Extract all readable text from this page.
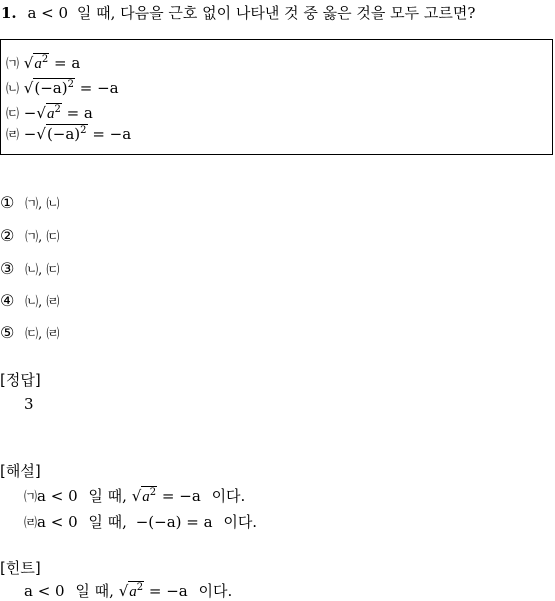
1. a < 0 일 때, 다음을 근호 없이 나타낸 것 중 옳은 것을 모두 고르면?
㈀ $√a^2 = a$
㈁ $√(-a)^2 = -a$
㈂ $-√a^2 = a$
㈃ $-√(-a)^2 = -a$
① ㈀, ㈁
② ㈀, ㈂
③ ㈁, ㈂
④ ㈁, ㈃
⑤ ㈂, ㈃
[정답]
3
[해설]
㈀a < 0 일 때, $√a^2 = -a$ 이다.
㈃a < 0 일 때, −(−a) = a 이다.
[힌트]
a < 0 일 때, $√a^2 = -a$ 이다.
